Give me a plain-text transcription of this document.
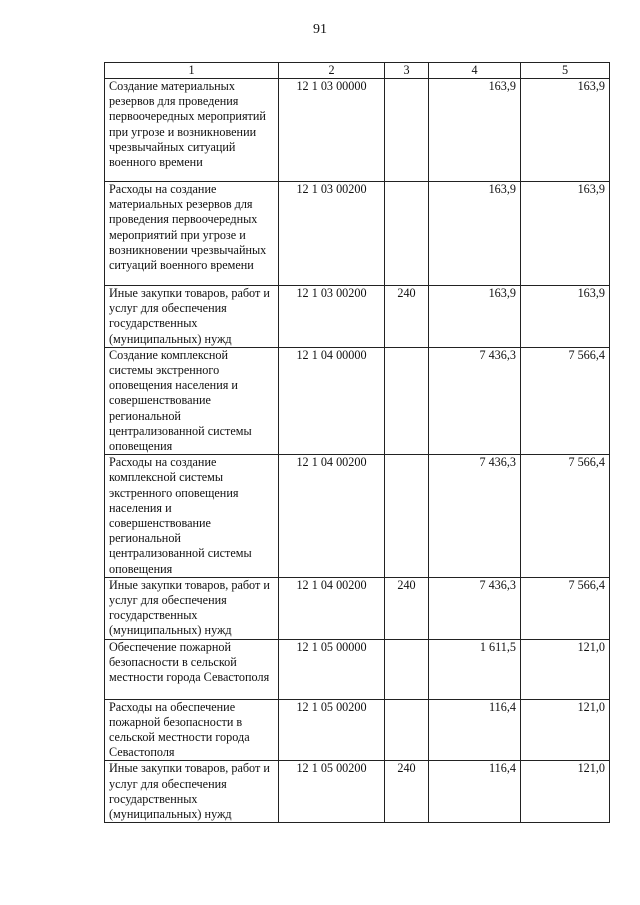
91
1	2	3	4	5
Создание материальных резервов для проведения первоочередных мероприятий при угрозе и возникновении чрезвычайных ситуаций военного времени	12 1 03 00000		163,9	163,9
Расходы на создание материальных резервов для проведения первоочередных мероприятий при угрозе и возникновении чрезвычайных ситуаций военного времени	12 1 03 00200		163,9	163,9
Иные закупки товаров, работ и услуг для обеспечения государственных (муниципальных) нужд	12 1 03 00200	240	163,9	163,9
Создание комплексной системы экстренного оповещения населения и совершенствование региональной централизованной системы оповещения	12 1 04 00000		7 436,3	7 566,4
Расходы на создание комплексной системы экстренного оповещения населения и совершенствование региональной централизованной системы оповещения	12 1 04 00200		7 436,3	7 566,4
Иные закупки товаров, работ и услуг для обеспечения государственных (муниципальных) нужд	12 1 04 00200	240	7 436,3	7 566,4
Обеспечение пожарной безопасности в сельской местности города Севастополя	12 1 05 00000		1 611,5	121,0
Расходы на обеспечение пожарной безопасности в сельской местности города Севастополя	12 1 05 00200		116,4	121,0
Иные закупки товаров, работ и услуг для обеспечения государственных (муниципальных) нужд	12 1 05 00200	240	116,4	121,0
